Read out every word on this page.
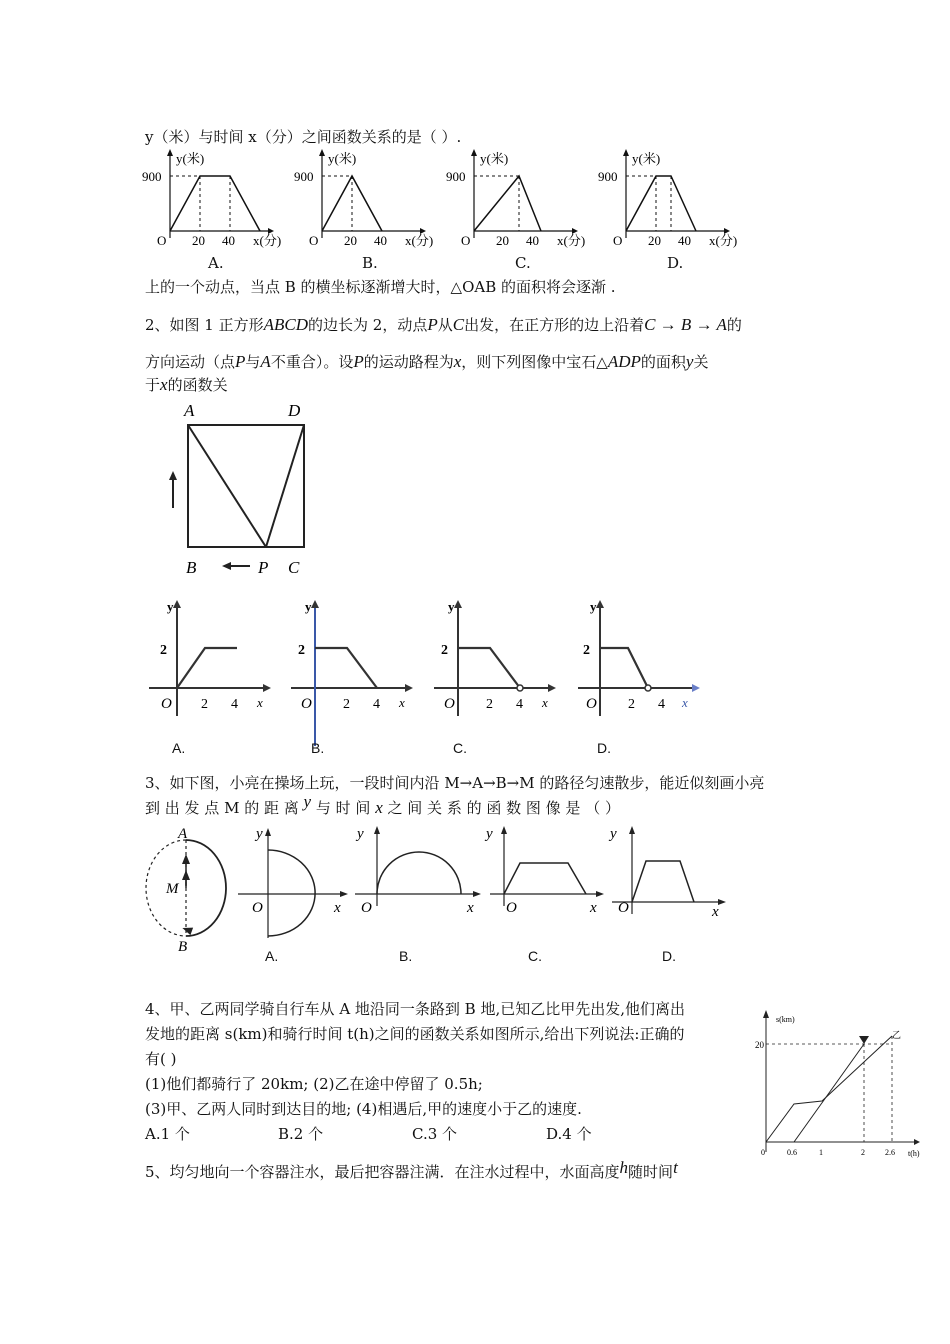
y（米）与时间 x（分）之间函数关系的是（ ）.
y(米)
900
O 20 40 x(分)
y(米)
900
O 20 40 x(分)
y(米)
900
O 20 40 x(分)
y(米)
900
O 20 40 x(分)
A.	B.	C.	D.
上的一个动点，当点 B 的横坐标逐渐增大时，△OAB 的面积将会逐渐 .
2、如图 1 正方形ABCD的边长为 2，动点P从C出发，在正方形的边上沿着C → B → A的
方向运动（点P与A不重合）。设P的运动路程为x，则下列图像中宝石△ADP的面积y关
于x的函数关
A	D
B	P C
y
2
O 2 4 x
y
2
O 2 4 x
y
2
O 2 4 x
y
2
O 2 4 x
A.	B.	C.	D.
3、如下图，小亮在操场上玩，一段时间内沿 M→A→B→M 的路径匀速散步，能近似刻画小亮
到 出 发 点 M 的 距 离 y 与 时 间 x 之 间 关 系 的 函 数 图 像 是 （ ）
A
M
B
y
O	x
y
O	x
y
O	x
y
O	x
A.	B.	C.	D.
4、甲、乙两同学骑自行车从 A 地沿同一条路到 B 地,已知乙比甲先出发,他们离出
发地的距离 s(km)和骑行时间 t(h)之间的函数关系如图所示,给出下列说法:正确的
有( )
(1)他们都骑行了 20km; (2)乙在途中停留了 0.5h;
(3)甲、乙两人同时到达目的地; (4)相遇后,甲的速度小于乙的速度.
A.1 个	B.2 个	C.3 个	D.4 个
s(km)
20
0	0.6	1	2	2.6 t(h)
乙
5、均匀地向一个容器注水，最后把容器注满．在注水过程中，水面高度h随时间t
